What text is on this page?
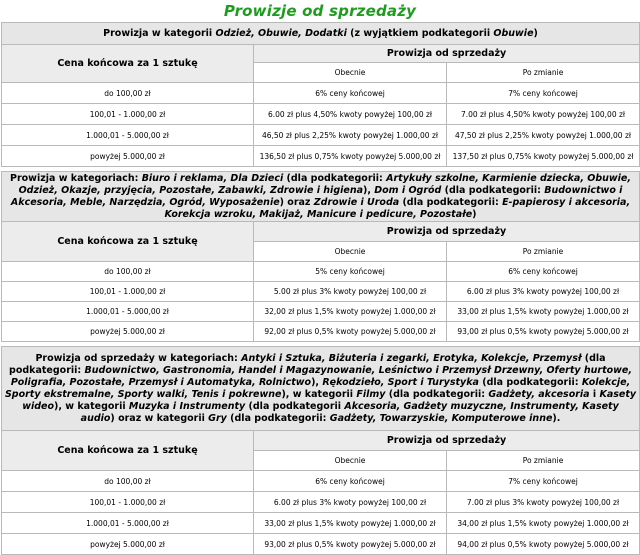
Prowizje od sprzedaży
Prowizja w kategorii Odzież, Obuwie, Dodatki (z wyjątkiem podkategorii Obuwie)		
Cena końcowa za 1 sztukę	Prowizja od sprzedaży	
	Obecnie	Po zmianie
do 100,00 zł	6% ceny końcowej	7% ceny końcowej
100,01 - 1.000,00 zł	6.00 zł plus 4,50% kwoty powyżej 100,00 zł	7.00 zł plus 4,50% kwoty powyżej 100,00 zł
1.000,01 - 5.000,00 zł	46,50 zł plus 2,25% kwoty powyżej 1.000,00 zł	47,50 zł plus 2,25% kwoty powyżej 1.000,00 zł
powyżej 5.000,00 zł	136,50 zł plus 0,75% kwoty powyżej 5.000,00 zł	137,50 zł plus 0,75% kwoty powyżej 5.000,00 zł
Prowizja w kategoriach: Biuro i reklama, Dla Dzieci (dla podkategorii: Artykuły szkolne, Karmienie dziecka, Obuwie, Odzież, Okazje, przyjęcia, Pozostałe, Zabawki, Zdrowie i higiena), Dom i Ogród (dla podkategorii: Budownictwo i Akcesoria, Meble, Narzędzia, Ogród, Wyposażenie) oraz Zdrowie i Uroda (dla podkategorii: E-papierosy i akcesoria, Korekcja wzroku, Makijaż, Manicure i pedicure, Pozostałe)		
Cena końcowa za 1 sztukę	Prowizja od sprzedaży	
	Obecnie	Po zmianie
do 100,00 zł	5% ceny końcowej	6% ceny końcowej
100,01 - 1.000,00 zł	5.00 zł plus 3% kwoty powyżej 100,00 zł	6.00 zł plus 3% kwoty powyżej 100,00 zł
1.000,01 - 5.000,00 zł	32,00 zł plus 1,5% kwoty powyżej 1.000,00 zł	33,00 zł plus 1,5% kwoty powyżej 1.000,00 zł
powyżej 5.000,00 zł	92,00 zł plus 0,5% kwoty powyżej 5.000,00 zł	93,00 zł plus 0,5% kwoty powyżej 5.000,00 zł
Prowizja od sprzedaży w kategoriach: Antyki i Sztuka, Biżuteria i zegarki, Erotyka, Kolekcje, Przemysł (dla podkategorii: Budownictwo, Gastronomia, Handel i Magazynowanie, Leśnictwo i Przemysł Drzewny, Oferty hurtowe, Poligrafia, Pozostałe, Przemysł i Automatyka, Rolnictwo), Rękodzieło, Sport i Turystyka (dla podkategorii: Kolekcje, Sporty ekstremalne, Sporty walki, Tenis i pokrewne), w kategorii Filmy (dla podkategorii: Gadżety, akcesoria i Kasety wideo), w kategorii Muzyka i Instrumenty (dla podkategorii Akcesoria, Gadżety muzyczne, Instrumenty, Kasety audio) oraz w kategorii Gry (dla podkategorii: Gadżety, Towarzyskie, Komputerowe inne).		
Cena końcowa za 1 sztukę	Prowizja od sprzedaży	
	Obecnie	Po zmianie
do 100,00 zł	6% ceny końcowej	7% ceny końcowej
100,01 - 1.000,00 zł	6.00 zł plus 3% kwoty powyżej 100,00 zł	7.00 zł plus 3% kwoty powyżej 100,00 zł
1.000,01 - 5.000,00 zł	33,00 zł plus 1,5% kwoty powyżej 1.000,00 zł	34,00 zł plus 1,5% kwoty powyżej 1.000,00 zł
powyżej 5.000,00 zł	93,00 zł plus 0,5% kwoty powyżej 5.000,00 zł	94,00 zł plus 0,5% kwoty powyżej 5.000,00 zł
